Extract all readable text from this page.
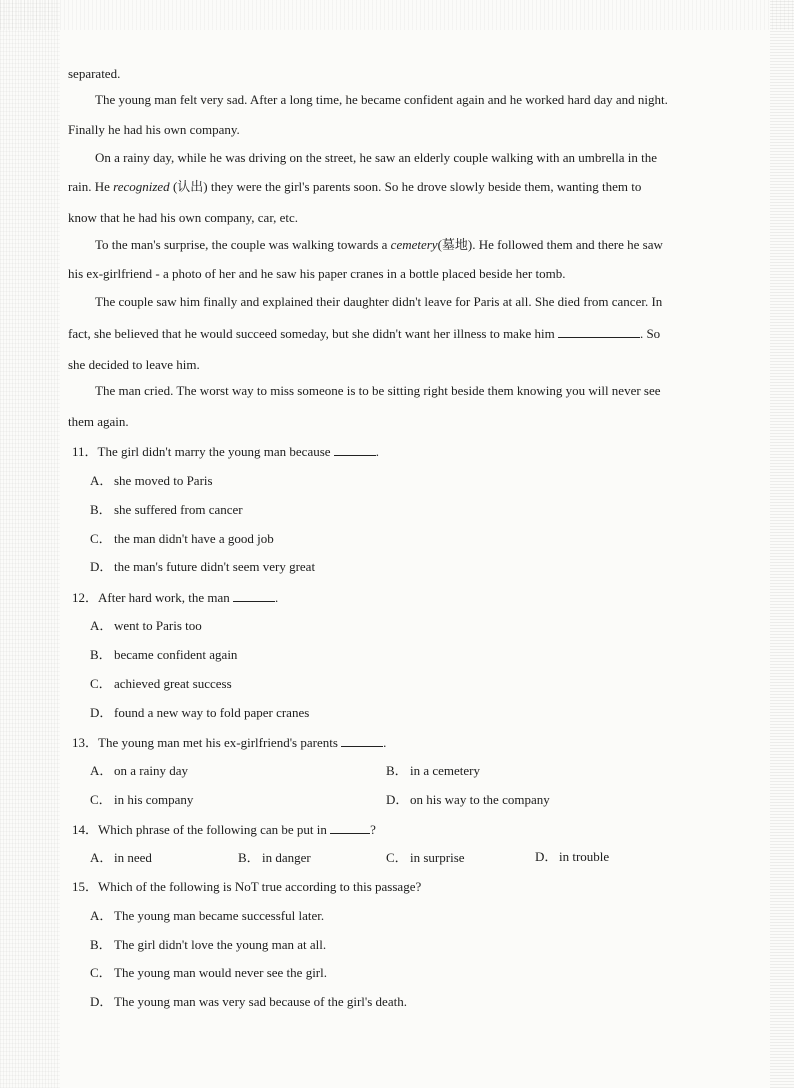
separated.
The young man felt very sad. After a long time, he became confident again and he worked hard day and night.
Finally he had his own company.
On a rainy day, while he was driving on the street, he saw an elderly couple walking with an umbrella in the
rain. He recognized (认出) they were the girl's parents soon. So he drove slowly beside them, wanting them to
know that he had his own company, car, etc.
To the man's surprise, the couple was walking towards a cemetery(墓地). He followed them and there he saw
his ex-girlfriend - a photo of her and he saw his paper cranes in a bottle placed beside her tomb.
The couple saw him finally and explained their daughter didn't leave for Paris at all. She died from cancer. In
fact, she believed that he would succeed someday, but she didn't want her illness to make him	. So
she decided to leave him.
The man cried. The worst way to miss someone is to be sitting right beside them knowing you will never see
them again.
11．The girl didn't marry the young man because	.
A． she moved to Paris
B． she suffered from cancer
C． the man didn't have a good job
D． the man's future didn't seem very great
12．After hard work, the man	.
A． went to Paris too
B． became confident again
C． achieved great success
D． found a new way to fold paper cranes
13．The young man met his ex-girlfriend's parents	.
A． on a rainy day	B． in a cemetery
C． in his company	D． on his way to the company
14．Which phrase of the following can be put in	?
A． in need	B． in danger	C． in surprise	D． in trouble
15．Which of the following is NoT true according to this passage?
A． The young man became successful later.
B． The girl didn't love the young man at all.
C． The young man would never see the girl.
D． The young man was very sad because of the girl's death.
